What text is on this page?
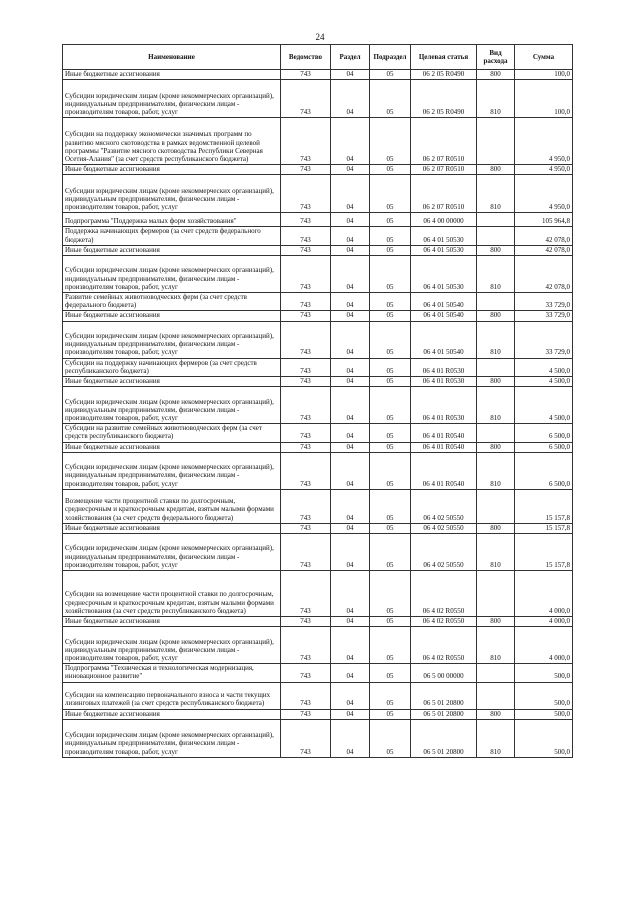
24
Наименование	Ведомство	Раздел	Подраздел	Целевая статья	Вид расхода	Сумма
Иные бюджетные ассигнования	743	04	05	06 2 05 R0490	800	100,0
Субсидии юридическим лицам (кроме некоммерческих организаций), индивидуальным предпринимателям, физическим лицам - производителям товаров, работ, услуг	743	04	05	06 2 05 R0490	810	100,0
Субсидии на поддержку экономически значимых программ по развитию мясного скотоводства в рамках ведомственной целевой программы "Развитие мясного скотоводства Республики Северная Осетия-Алания" (за счет средств республиканского бюджета)	743	04	05	06 2 07 R0510		4 950,0
Иные бюджетные ассигнования	743	04	05	06 2 07 R0510	800	4 950,0
Субсидии юридическим лицам (кроме некоммерческих организаций), индивидуальным предпринимателям, физическим лицам - производителям товаров, работ, услуг	743	04	05	06 2 07 R0510	810	4 950,0
Подпрограмма "Поддержка малых форм хозяйствования"	743	04	05	06 4 00 00000		105 964,8
Поддержка начинающих фермеров (за счет средств федерального бюджета)	743	04	05	06 4 01 50530		42 078,0
Иные бюджетные ассигнования	743	04	05	06 4 01 50530	800	42 078,0
Субсидии юридическим лицам (кроме некоммерческих организаций), индивидуальным предпринимателям, физическим лицам - производителям товаров, работ, услуг	743	04	05	06 4 01 50530	810	42 078,0
Развитие семейных животноводческих ферм (за счет средств федерального бюджета)	743	04	05	06 4 01 50540		33 729,0
Иные бюджетные ассигнования	743	04	05	06 4 01 50540	800	33 729,0
Субсидии юридическим лицам (кроме некоммерческих организаций), индивидуальным предпринимателям, физическим лицам - производителям товаров, работ, услуг	743	04	05	06 4 01 50540	810	33 729,0
Субсидии на поддержку начинающих фермеров (за счет средств республиканского бюджета)	743	04	05	06 4 01 R0530		4 500,0
Иные бюджетные ассигнования	743	04	05	06 4 01 R0530	800	4 500,0
Субсидии юридическим лицам (кроме некоммерческих организаций), индивидуальным предпринимателям, физическим лицам - производителям товаров, работ, услуг	743	04	05	06 4 01 R0530	810	4 500,0
Субсидии на развитие семейных животноводческих ферм (за счет средств республиканского бюджета)	743	04	05	06 4 01 R0540		6 500,0
Иные бюджетные ассигнования	743	04	05	06 4 01 R0540	800	6 500,0
Субсидии юридическим лицам (кроме некоммерческих организаций), индивидуальным предпринимателям, физическим лицам - производителям товаров, работ, услуг	743	04	05	06 4 01 R0540	810	6 500,0
Возмещение части процентной ставки по долгосрочным, среднесрочным и краткосрочным кредитам, взятым малыми формами хозяйствования (за счет средств федерального бюджета)	743	04	05	06 4 02 50550		15 157,8
Иные бюджетные ассигнования	743	04	05	06 4 02 50550	800	15 157,8
Субсидии юридическим лицам (кроме некоммерческих организаций), индивидуальным предпринимателям, физическим лицам - производителям товаров, работ, услуг	743	04	05	06 4 02 50550	810	15 157,8
Субсидии на возмещение части процентной ставки по долгосрочным, среднесрочным и краткосрочным кредитам, взятым малыми формами хозяйствования (за счет средств республиканского бюджета)	743	04	05	06 4 02 R0550		4 000,0
Иные бюджетные ассигнования	743	04	05	06 4 02 R0550	800	4 000,0
Субсидии юридическим лицам (кроме некоммерческих организаций), индивидуальным предпринимателям, физическим лицам - производителям товаров, работ, услуг	743	04	05	06 4 02 R0550	810	4 000,0
Подпрограмма "Техническая и технологическая модернизация, инновационное развитие"	743	04	05	06 5 00 00000		500,0
Субсидии на компенсацию первоначального взноса и части текущих лизинговых платежей (за счет средств республиканского бюджета)	743	04	05	06 5 01 20800		500,0
Иные бюджетные ассигнования	743	04	05	06 5 01 20800	800	500,0
Субсидии юридическим лицам (кроме некоммерческих организаций), индивидуальным предпринимателям, физическим лицам - производителям товаров, работ, услуг	743	04	05	06 5 01 20800	810	500,0
